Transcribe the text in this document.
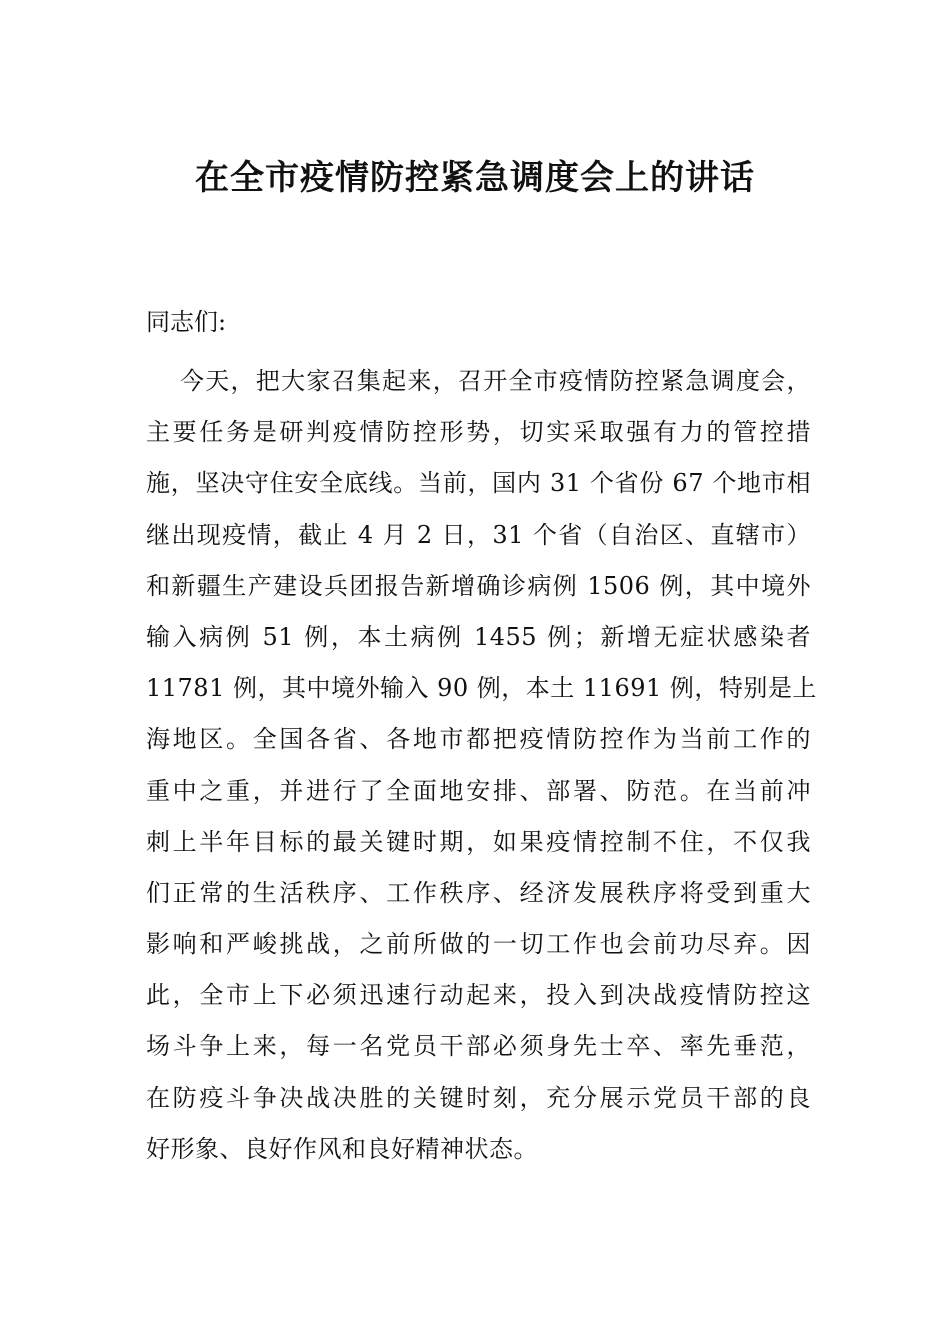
在全市疫情防控紧急调度会上的讲话

同志们:

今天，把大家召集起来，召开全市疫情防控紧急调度会，
主要任务是研判疫情防控形势，切实采取强有力的管控措
施，坚决守住安全底线。当前，国内 31 个省份 67 个地市相
继出现疫情，截止 4 月 2 日，31 个省（自治区、直辖市）
和新疆生产建设兵团报告新增确诊病例 1506 例，其中境外
输入病例 51 例，本土病例 1455 例；新增无症状感染者
11781 例，其中境外输入 90 例，本土 11691 例，特别是上
海地区。全国各省、各地市都把疫情防控作为当前工作的
重中之重，并进行了全面地安排、部署、防范。在当前冲
刺上半年目标的最关键时期，如果疫情控制不住，不仅我
们正常的生活秩序、工作秩序、经济发展秩序将受到重大
影响和严峻挑战，之前所做的一切工作也会前功尽弃。因
此，全市上下必须迅速行动起来，投入到决战疫情防控这
场斗争上来，每一名党员干部必须身先士卒、率先垂范，
在防疫斗争决战决胜的关键时刻，充分展示党员干部的良
好形象、良好作风和良好精神状态。
